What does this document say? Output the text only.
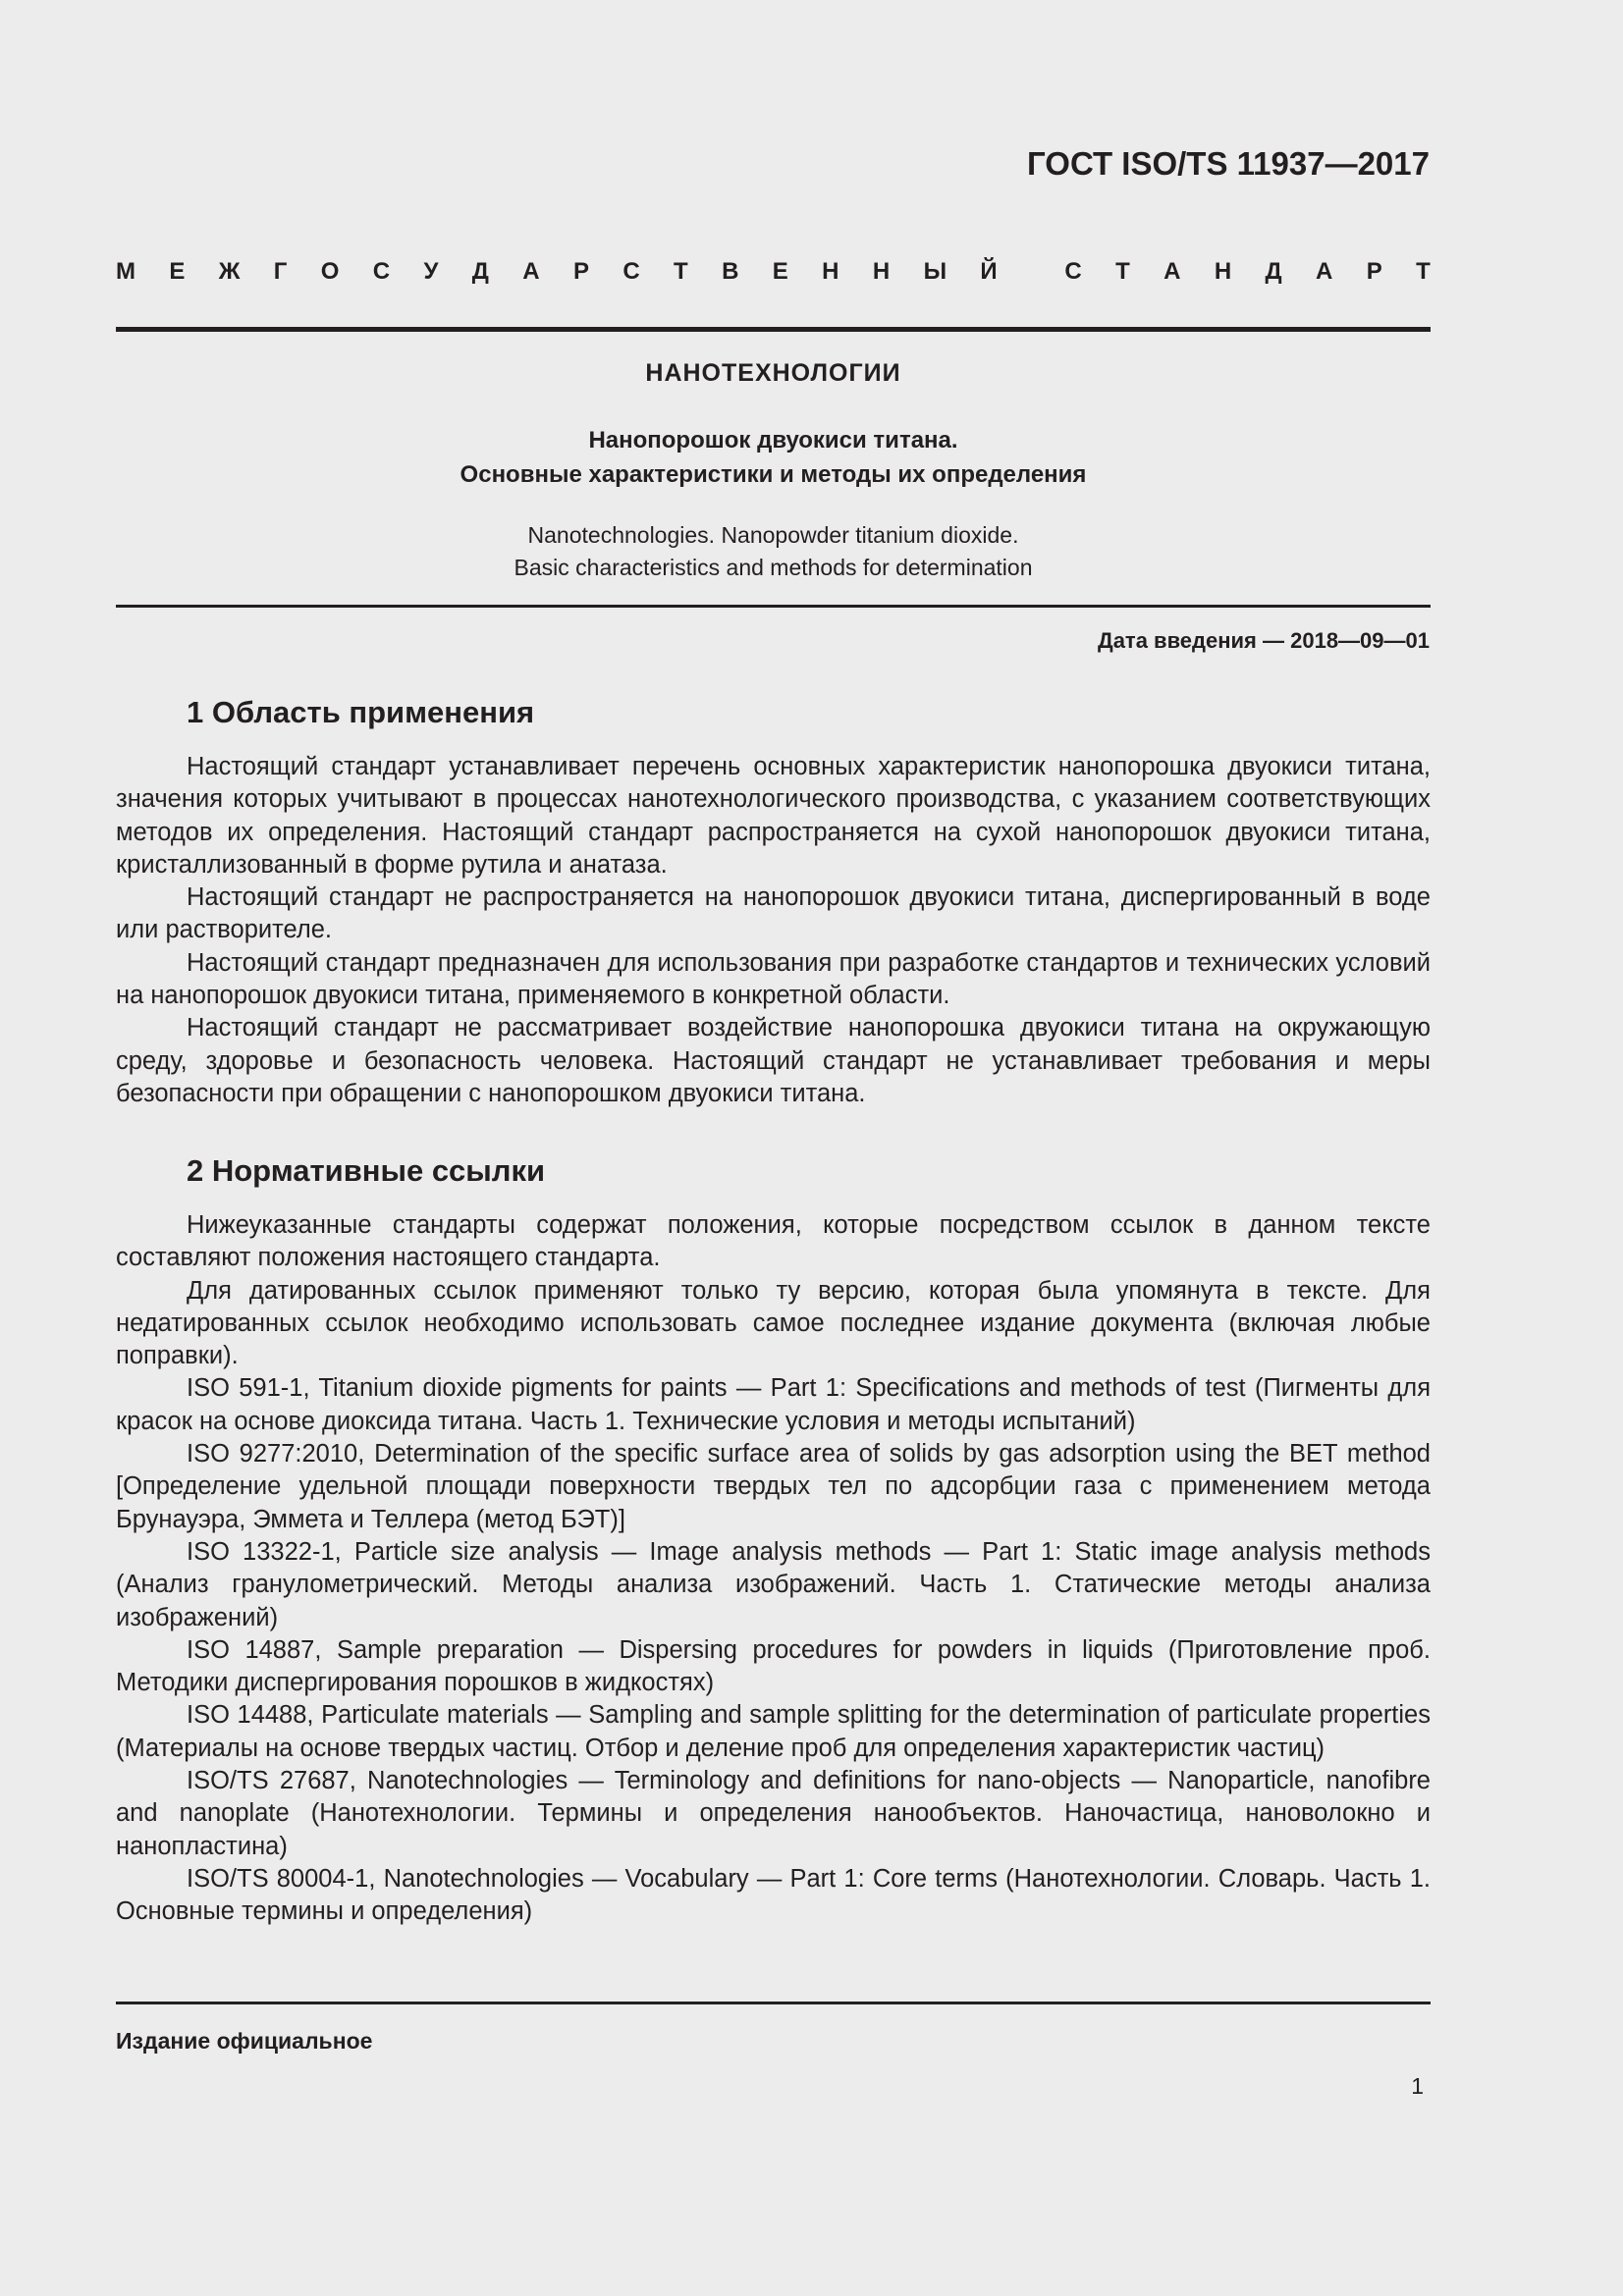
ГОСТ ISO/TS 11937—2017
М Е Ж Г О С У Д А Р С Т В Е Н Н Ы Й	С Т А Н Д А Р Т
НАНОТЕХНОЛОГИИ
Нанопорошок двуокиси титана.
Основные характеристики и методы их определения
Nanotechnologies. Nanopowder titanium dioxide.
Basic characteristics and methods for determination
Дата введения — 2018—09—01
1 Область применения

Настоящий стандарт устанавливает перечень основных характеристик нанопорошка двуокиси титана, значения которых учитывают в процессах нанотехнологического производства, с указанием соответствующих методов их определения. Настоящий стандарт распространяется на сухой нанопорошок двуокиси титана, кристаллизованный в форме рутила и анатаза.

Настоящий стандарт не распространяется на нанопорошок двуокиси титана, диспергированный в воде или растворителе.

Настоящий стандарт предназначен для использования при разработке стандартов и технических условий на нанопорошок двуокиси титана, применяемого в конкретной области.

Настоящий стандарт не рассматривает воздействие нанопорошка двуокиси титана на окружающую среду, здоровье и безопасность человека. Настоящий стандарт не устанавливает требования и меры безопасности при обращении с нанопорошком двуокиси титана.

2 Нормативные ссылки

Нижеуказанные стандарты содержат положения, которые посредством ссылок в данном тексте составляют положения настоящего стандарта.

Для датированных ссылок применяют только ту версию, которая была упомянута в тексте. Для недатированных ссылок необходимо использовать самое последнее издание документа (включая любые поправки).

ISO 591-1, Titanium dioxide pigments for paints — Part 1: Specifications and methods of test (Пигменты для красок на основе диоксида титана. Часть 1. Технические условия и методы испытаний)

ISO 9277:2010, Determination of the specific surface area of solids by gas adsorption using the BET method [Определение удельной площади поверхности твердых тел по адсорбции газа с применением метода Брунауэра, Эммета и Теллера (метод БЭТ)]

ISO 13322-1, Particle size analysis — Image analysis methods — Part 1: Static image analysis methods (Анализ гранулометрический. Методы анализа изображений. Часть 1. Статические методы анализа изображений)

ISO 14887, Sample preparation — Dispersing procedures for powders in liquids (Приготовление проб. Методики диспергирования порошков в жидкостях)

ISO 14488, Particulate materials — Sampling and sample splitting for the determination of particulate properties (Материалы на основе твердых частиц. Отбор и деление проб для определения характеристик частиц)

ISO/TS 27687, Nanotechnologies — Terminology and definitions for nano-objects — Nanoparticle, nanofibre and nanoplate (Нанотехнологии. Термины и определения нанообъектов. Наночастица, нановолокно и нанопластина)

ISO/TS 80004-1, Nanotechnologies — Vocabulary — Part 1: Core terms (Нанотехнологии. Словарь. Часть 1. Основные термины и определения)

Издание официальное
1
